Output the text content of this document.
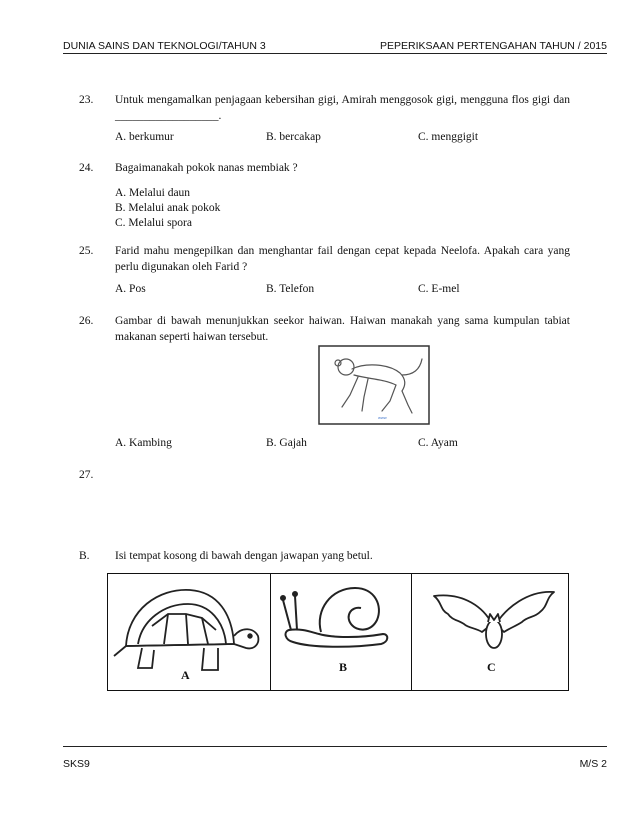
DUNIA SAINS DAN TEKNOLOGI/TAHUN 3	PEPERIKSAAN PERTENGAHAN TAHUN / 2015
23. Untuk mengamalkan penjagaan kebersihan gigi, Amirah menggosok gigi, mengguna flos gigi dan __________________.
A. berkumur	B. bercakap	C. menggigit
24. Bagaimanakah pokok nanas membiak ?
A. Melalui daun
B. Melalui anak pokok
C. Melalui spora
25. Farid mahu mengepilkan dan menghantar fail dengan cepat kepada Neelofa. Apakah cara yang perlu digunakan oleh Farid ?
A. Pos	B. Telefon	C. E-mel
26. Gambar di bawah menunjukkan seekor haiwan. Haiwan manakah yang sama kumpulan tabiat makanan seperti haiwan tersebut.
www
A. Kambing	B. Gajah	C. Ayam
27.
B. Isi tempat kosong di bawah dengan jawapan yang betul.
A
B	C
SKS9	M/S 2
